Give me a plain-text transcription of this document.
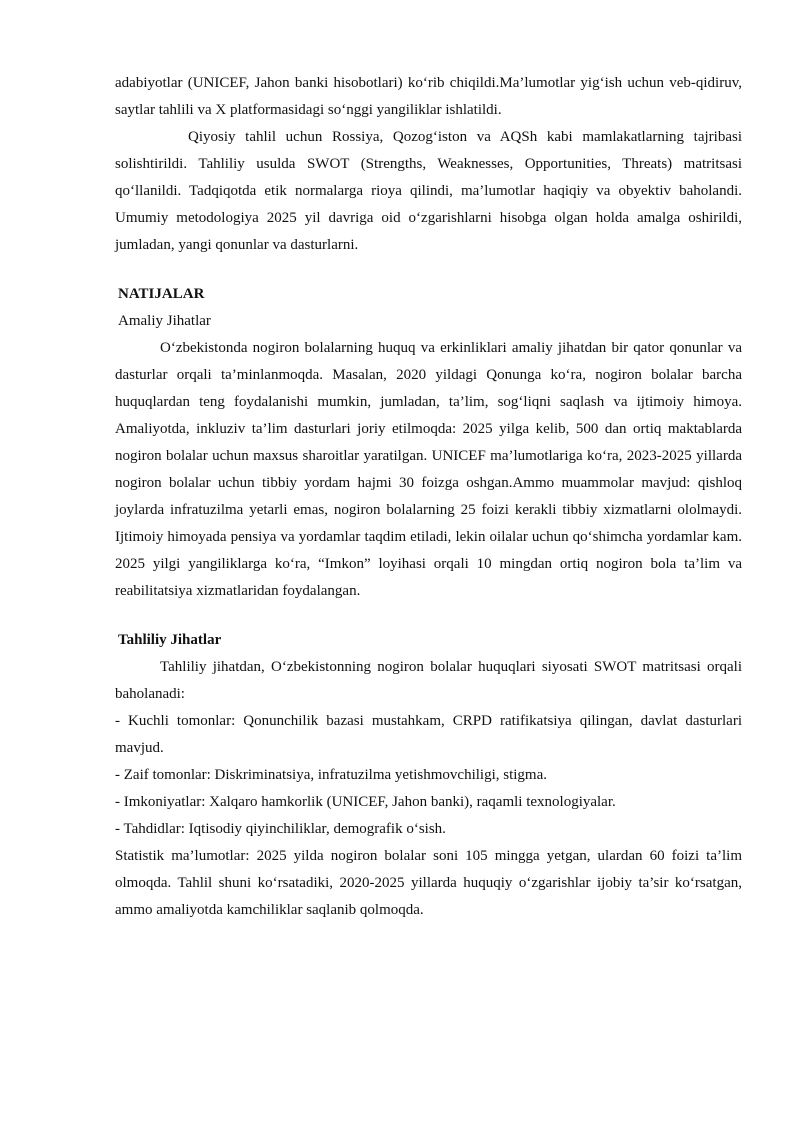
adabiyotlar (UNICEF, Jahon banki hisobotlari) ko‘rib chiqildi.Ma’lumotlar yig‘ish uchun veb-qidiruv, saytlar tahlili va X platformasidagi so‘nggi yangiliklar ishlatildi.

Qiyosiy tahlil uchun Rossiya, Qozog‘iston va AQSh kabi mamlakatlarning tajribasi solishtirildi. Tahliliy usulda SWOT (Strengths, Weaknesses, Opportunities, Threats) matritsasi qo‘llanildi. Tadqiqotda etik normalarga rioya qilindi, ma’lumotlar haqiqiy va obyektiv baholandi. Umumiy metodologiya 2025 yil davriga oid o‘zgarishlarni hisobga olgan holda amalga oshirildi, jumladan, yangi qonunlar va dasturlarni.

NATIJALAR
Amaliy Jihatlar

O‘zbekistonda nogiron bolalarning huquq va erkinliklari amaliy jihatdan bir qator qonunlar va dasturlar orqali ta’minlanmoqda. Masalan, 2020 yildagi Qonunga ko‘ra, nogiron bolalar barcha huquqlardan teng foydalanishi mumkin, jumladan, ta’lim, sog‘liqni saqlash va ijtimoiy himoya. Amaliyotda, inkluziv ta’lim dasturlari joriy etilmoqda: 2025 yilga kelib, 500 dan ortiq maktablarda nogiron bolalar uchun maxsus sharoitlar yaratilgan. UNICEF ma’lumotlariga ko‘ra, 2023-2025 yillarda nogiron bolalar uchun tibbiy yordam hajmi 30 foizga oshgan.Ammo muammolar mavjud: qishloq joylarda infratuzilma yetarli emas, nogiron bolalarning 25 foizi kerakli tibbiy xizmatlarni ololmaydi. Ijtimoiy himoyada pensiya va yordamlar taqdim etiladi, lekin oilalar uchun qo‘shimcha yordamlar kam. 2025 yilgi yangiliklarga ko‘ra, “Imkon” loyihasi orqali 10 mingdan ortiq nogiron bola ta’lim va reabilitatsiya xizmatlaridan foydalangan.

Tahliliy Jihatlar

Tahliliy jihatdan, O‘zbekistonning nogiron bolalar huquqlari siyosati SWOT matritsasi orqali baholanadi:

- Kuchli tomonlar: Qonunchilik bazasi mustahkam, CRPD ratifikatsiya qilingan, davlat dasturlari mavjud.

- Zaif tomonlar: Diskriminatsiya, infratuzilma yetishmovchiligi, stigma.

- Imkoniyatlar: Xalqaro hamkorlik (UNICEF, Jahon banki), raqamli texnologiyalar.

- Tahdidlar: Iqtisodiy qiyinchiliklar, demografik o‘sish.

Statistik ma’lumotlar: 2025 yilda nogiron bolalar soni 105 mingga yetgan, ulardan 60 foizi ta’lim olmoqda. Tahlil shuni ko‘rsatadiki, 2020-2025 yillarda huquqiy o‘zgarishlar ijobiy ta’sir ko‘rsatgan, ammo amaliyotda kamchiliklar saqlanib qolmoqda.
